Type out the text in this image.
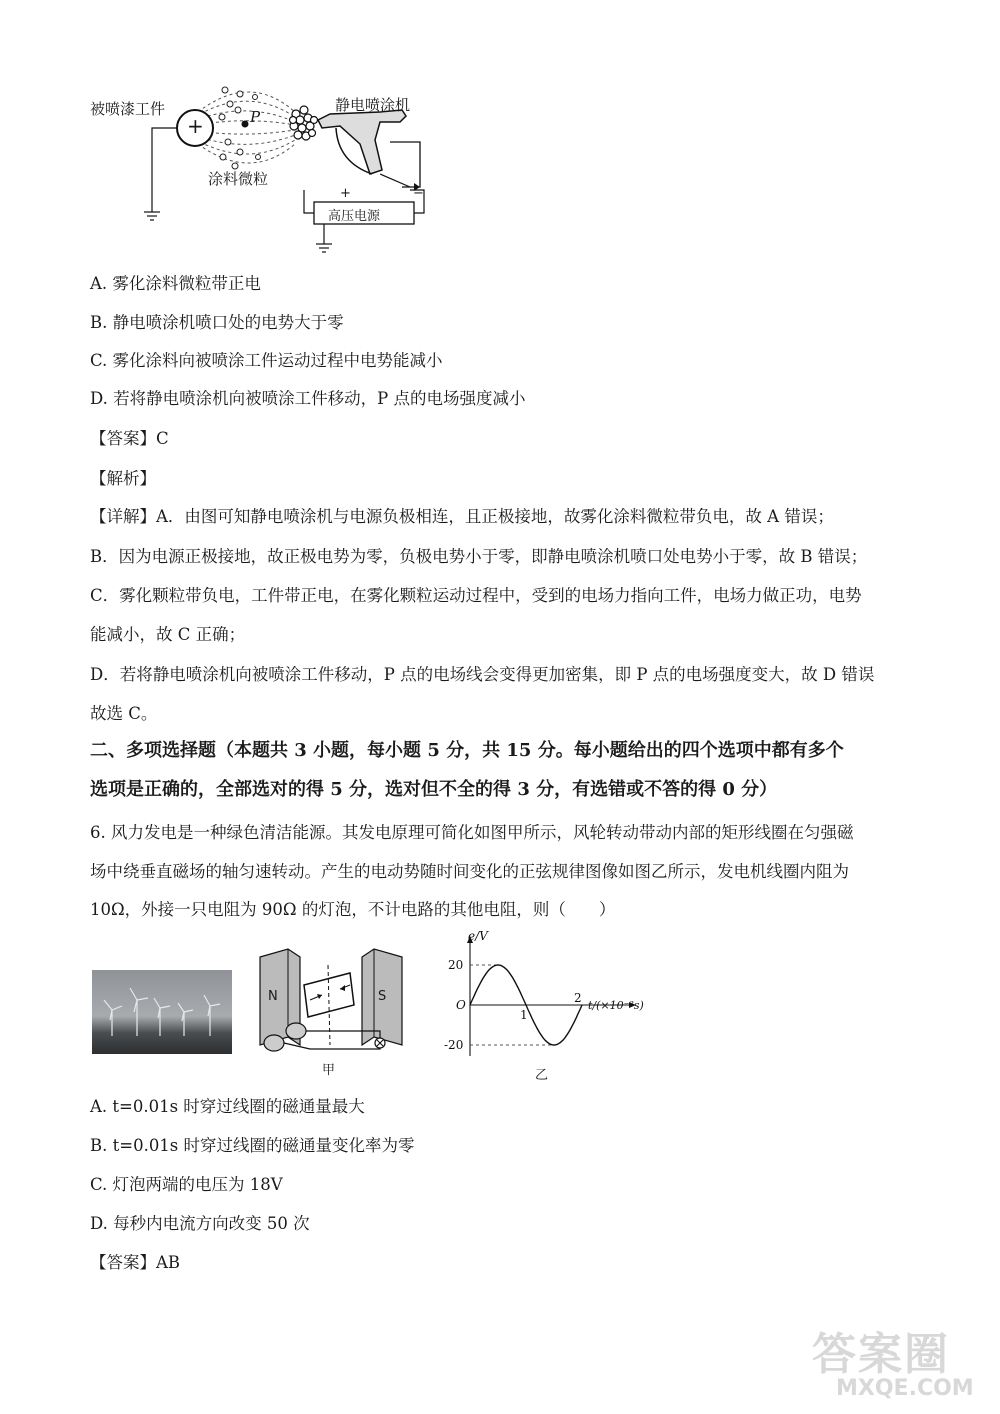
被喷漆工件
+	P
静电喷涂机
涂料微粒
高压电源
+	−
A. 雾化涂料微粒带正电
B. 静电喷涂机喷口处的电势大于零
C. 雾化涂料向被喷涂工件运动过程中电势能减小
D. 若将静电喷涂机向被喷涂工件移动，P 点的电场强度减小
【答案】C
【解析】
【详解】A．由图可知静电喷涂机与电源负极相连，且正极接地，故雾化涂料微粒带负电，故 A 错误；
B．因为电源正极接地，故正极电势为零，负极电势小于零，即静电喷涂机喷口处电势小于零，故 B 错误；
C．雾化颗粒带负电，工件带正电，在雾化颗粒运动过程中，受到的电场力指向工件，电场力做正功，电势
能减小，故 C 正确；
D．若将静电喷涂机向被喷涂工件移动，P 点的电场线会变得更加密集，即 P 点的电场强度变大，故 D 错误
故选 C。
二、多项选择题（本题共 3 小题，每小题 5 分，共 15 分。每小题给出的四个选项中都有多个
选项是正确的，全部选对的得 5 分，选对但不全的得 3 分，有选错或不答的得 0 分）
6. 风力发电是一种绿色清洁能源。其发电原理可简化如图甲所示，风轮转动带动内部的矩形线圈在匀强磁
场中绕垂直磁场的轴匀速转动。产生的电动势随时间变化的正弦规律图像如图乙所示，发电机线圈内阻为
10Ω，外接一只电阻为 90Ω 的灯泡，不计电路的其他电阻，则（　　）
N	S
甲
20
-20
O
1
2
e/V
t/(×10⁻²s)
乙
A. t=0.01s 时穿过线圈的磁通量最大
B. t=0.01s 时穿过线圈的磁通量变化率为零
C. 灯泡两端的电压为 18V
D. 每秒内电流方向改变 50 次
【答案】AB
答案圈
MXQE.COM
